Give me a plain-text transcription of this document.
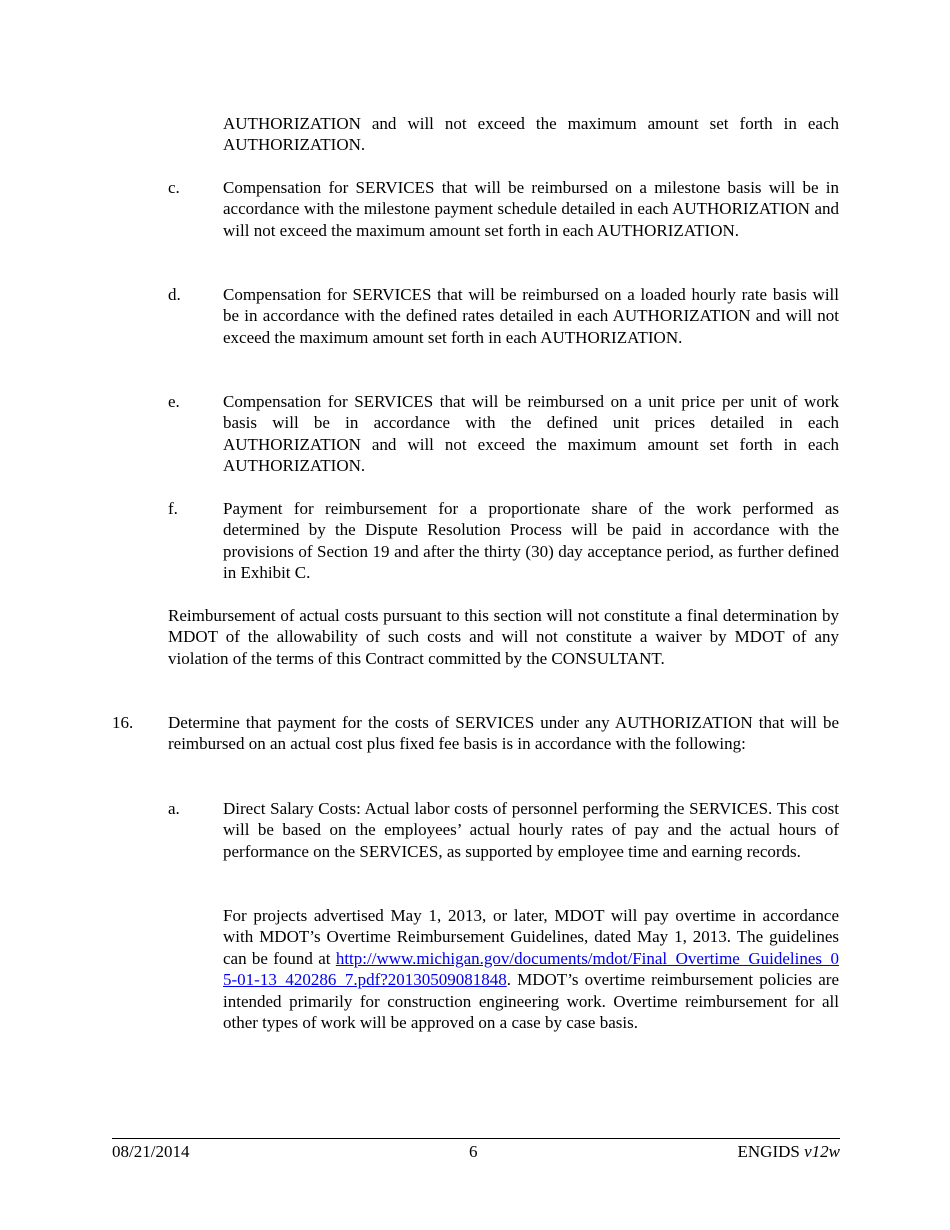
AUTHORIZATION and will not exceed the maximum amount set forth in each AUTHORIZATION.
c.	Compensation for SERVICES that will be reimbursed on a milestone basis will be in accordance with the milestone payment schedule detailed in each AUTHORIZATION and will not exceed the maximum amount set forth in each AUTHORIZATION.
d. Compensation for SERVICES that will be reimbursed on a loaded hourly rate basis will be in accordance with the defined rates detailed in each AUTHORIZATION and will not exceed the maximum amount set forth in each AUTHORIZATION.
e.	Compensation for SERVICES that will be reimbursed on a unit price per unit of work basis will be in accordance with the defined unit prices detailed in each AUTHORIZATION and will not exceed the maximum amount set forth in each AUTHORIZATION.
f.	Payment for reimbursement for a proportionate share of the work performed as determined by the Dispute Resolution Process will be paid in accordance with the provisions of Section 19 and after the thirty (30) day acceptance period, as further defined in Exhibit C.
Reimbursement of actual costs pursuant to this section will not constitute a final determination by MDOT of the allowability of such costs and will not constitute a waiver by MDOT of any violation of the terms of this Contract committed by the CONSULTANT.
16. Determine that payment for the costs of SERVICES under any AUTHORIZATION that will be reimbursed on an actual cost plus fixed fee basis is in accordance with the following:
a.	Direct Salary Costs: Actual labor costs of personnel performing the SERVICES. This cost will be based on the employees’ actual hourly rates of pay and the actual hours of performance on the SERVICES, as supported by employee time and earning records.
For projects advertised May 1, 2013, or later, MDOT will pay overtime in accordance with MDOT’s Overtime Reimbursement Guidelines, dated May 1, 2013. The guidelines can be found at http://www.michigan.gov/documents/mdot/Final_Overtime_Guidelines_05-01-13_420286_7.pdf?20130509081848. MDOT’s overtime reimbursement policies are intended primarily for construction engineering work. Overtime reimbursement for all other types of work will be approved on a case by case basis.
08/21/2014	6	ENGIDS v12w
